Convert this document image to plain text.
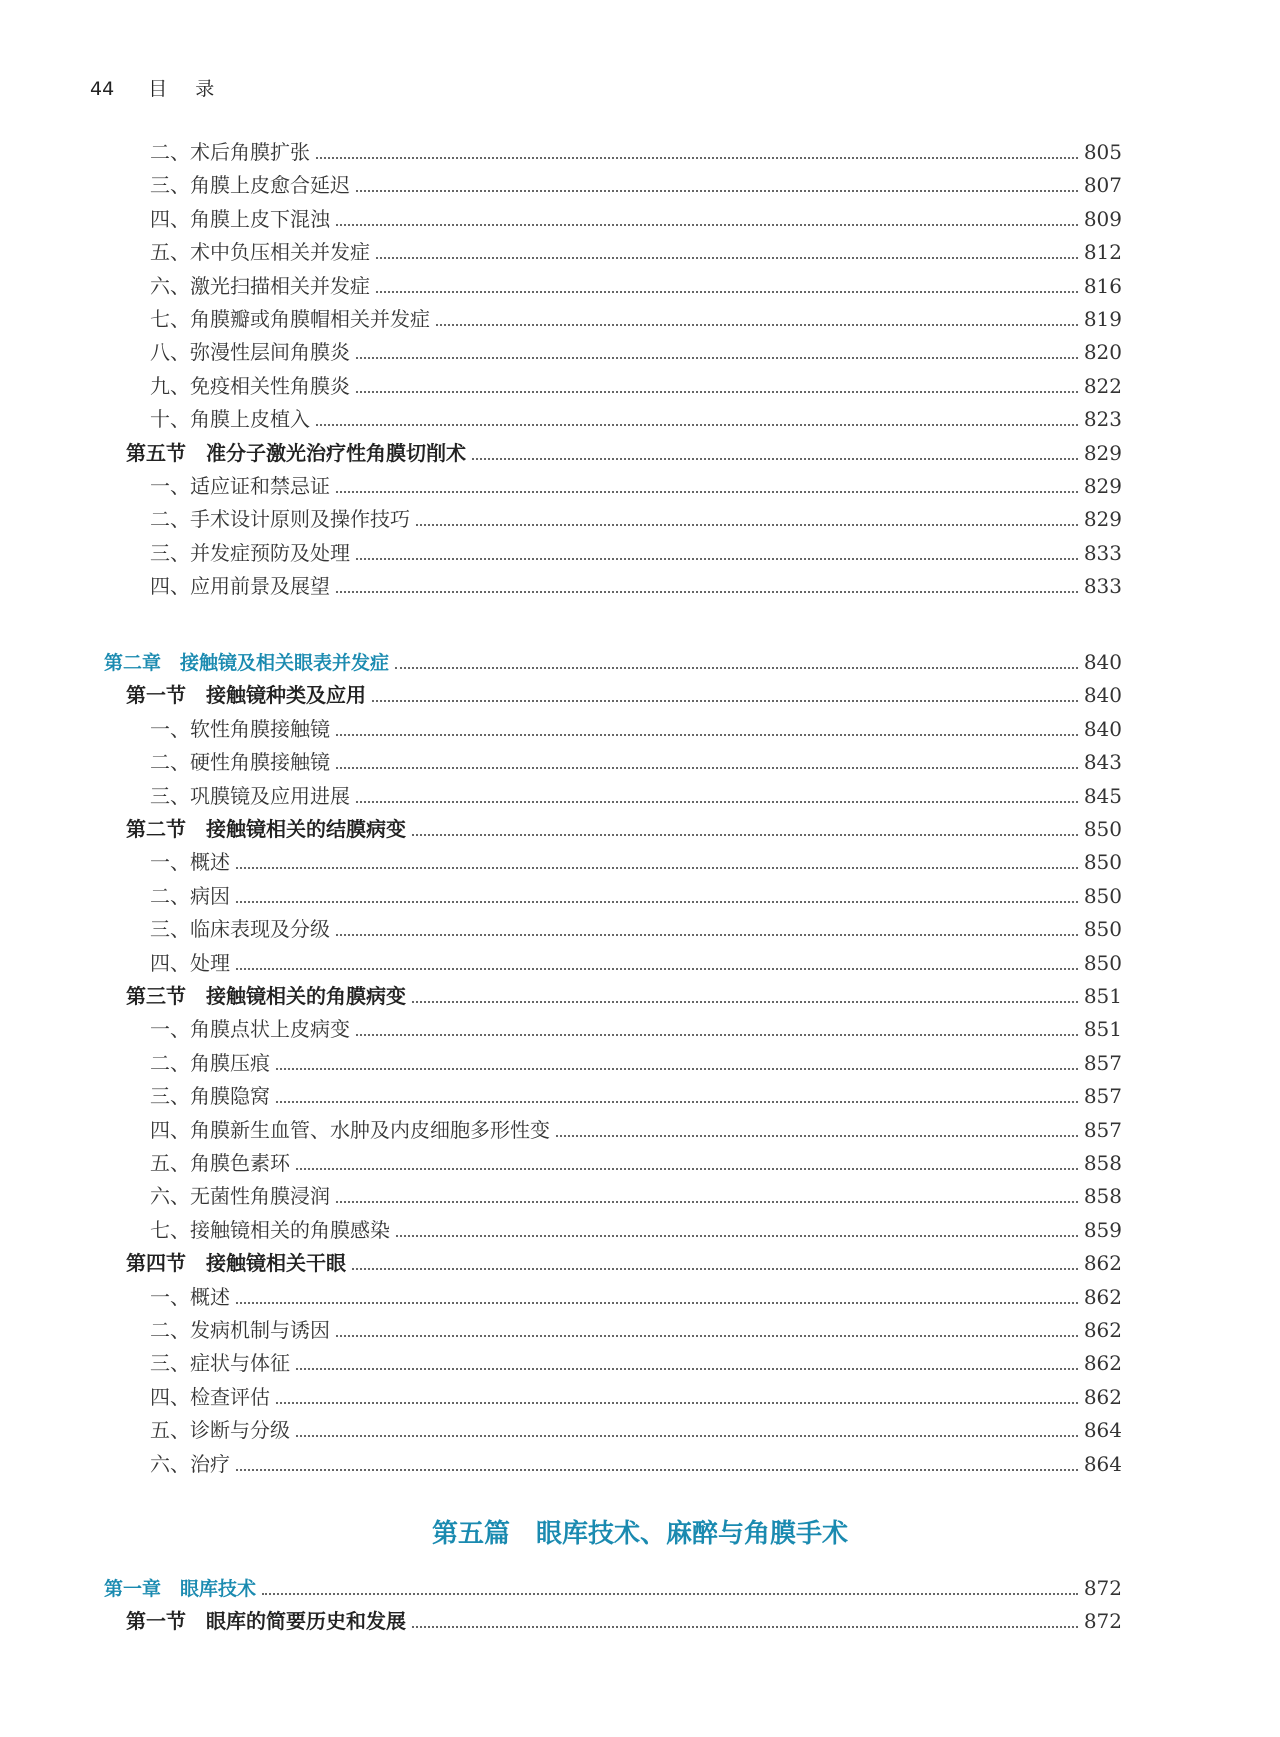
44 目录
二、术后角膜扩张	805
三、角膜上皮愈合延迟	807
四、角膜上皮下混浊	809
五、术中负压相关并发症	812
六、激光扫描相关并发症	816
七、角膜瓣或角膜帽相关并发症	819
八、弥漫性层间角膜炎	820
九、免疫相关性角膜炎	822
十、角膜上皮植入	823
第五节　准分子激光治疗性角膜切削术	829
一、适应证和禁忌证	829
二、手术设计原则及操作技巧	829
三、并发症预防及处理	833
四、应用前景及展望	833
第二章　接触镜及相关眼表并发症	840
第一节　接触镜种类及应用	840
一、软性角膜接触镜	840
二、硬性角膜接触镜	843
三、巩膜镜及应用进展	845
第二节　接触镜相关的结膜病变	850
一、概述	850
二、病因	850
三、临床表现及分级	850
四、处理	850
第三节　接触镜相关的角膜病变	851
一、角膜点状上皮病变	851
二、角膜压痕	857
三、角膜隐窝	857
四、角膜新生血管、水肿及内皮细胞多形性变	857
五、角膜色素环	858
六、无菌性角膜浸润	858
七、接触镜相关的角膜感染	859
第四节　接触镜相关干眼	862
一、概述	862
二、发病机制与诱因	862
三、症状与体征	862
四、检查评估	862
五、诊断与分级	864
六、治疗	864
第一章　眼库技术	872
第一节　眼库的简要历史和发展	872
第五篇　眼库技术、麻醉与角膜手术
